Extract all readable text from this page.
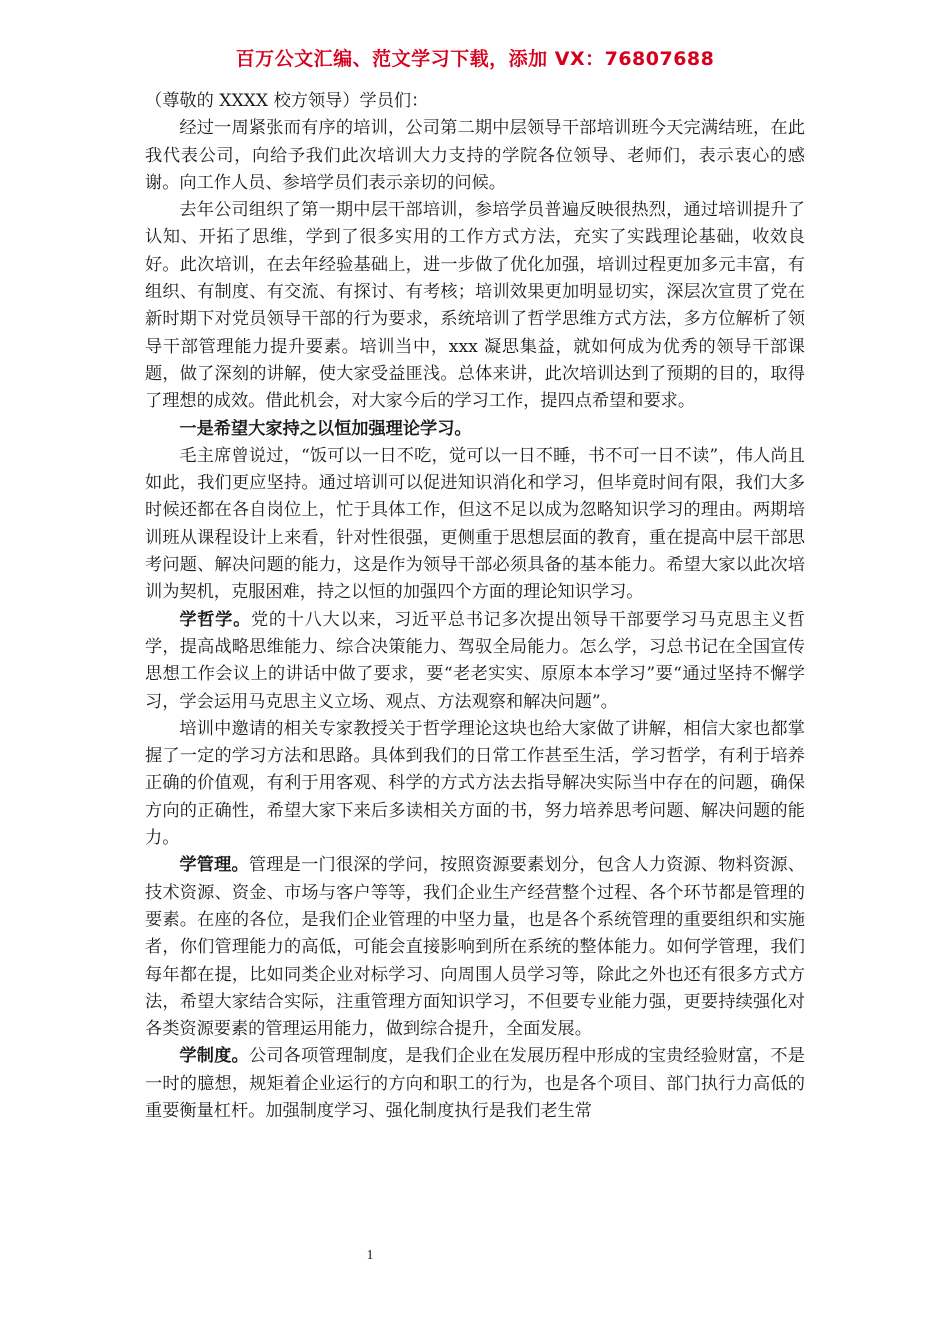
百万公文汇编、范文学习下载，添加 VX：76807688

（尊敬的 XXXX 校方领导）学员们：

经过一周紧张而有序的培训，公司第二期中层领导干部培训班今天完满结班，在此我代表公司，向给予我们此次培训大力支持的学院各位领导、老师们，表示衷心的感谢。向工作人员、参培学员们表示亲切的问候。

去年公司组织了第一期中层干部培训，参培学员普遍反映很热烈，通过培训提升了认知、开拓了思维，学到了很多实用的工作方式方法，充实了实践理论基础，收效良好。此次培训，在去年经验基础上，进一步做了优化加强，培训过程更加多元丰富，有组织、有制度、有交流、有探讨、有考核；培训效果更加明显切实，深层次宣贯了党在新时期下对党员领导干部的行为要求，系统培训了哲学思维方式方法，多方位解析了领导干部管理能力提升要素。培训当中，xxx 凝思集益，就如何成为优秀的领导干部课题，做了深刻的讲解，使大家受益匪浅。总体来讲，此次培训达到了预期的目的，取得了理想的成效。借此机会，对大家今后的学习工作，提四点希望和要求。

一是希望大家持之以恒加强理论学习。

毛主席曾说过，“饭可以一日不吃，觉可以一日不睡，书不可一日不读”，伟人尚且如此，我们更应坚持。通过培训可以促进知识消化和学习，但毕竟时间有限，我们大多时候还都在各自岗位上，忙于具体工作，但这不足以成为忽略知识学习的理由。两期培训班从课程设计上来看，针对性很强，更侧重于思想层面的教育，重在提高中层干部思考问题、解决问题的能力，这是作为领导干部必须具备的基本能力。希望大家以此次培训为契机，克服困难，持之以恒的加强四个方面的理论知识学习。

学哲学。党的十八大以来，习近平总书记多次提出领导干部要学习马克思主义哲学，提高战略思维能力、综合决策能力、驾驭全局能力。怎么学，习总书记在全国宣传思想工作会议上的讲话中做了要求，要“老老实实、原原本本学习”要“通过坚持不懈学习，学会运用马克思主义立场、观点、方法观察和解决问题”。

培训中邀请的相关专家教授关于哲学理论这块也给大家做了讲解，相信大家也都掌握了一定的学习方法和思路。具体到我们的日常工作甚至生活，学习哲学，有利于培养正确的价值观，有利于用客观、科学的方式方法去指导解决实际当中存在的问题，确保方向的正确性，希望大家下来后多读相关方面的书，努力培养思考问题、解决问题的能力。

学管理。管理是一门很深的学问，按照资源要素划分，包含人力资源、物料资源、技术资源、资金、市场与客户等等，我们企业生产经营整个过程、各个环节都是管理的要素。在座的各位，是我们企业管理的中坚力量，也是各个系统管理的重要组织和实施者，你们管理能力的高低，可能会直接影响到所在系统的整体能力。如何学管理，我们每年都在提，比如同类企业对标学习、向周围人员学习等，除此之外也还有很多方式方法，希望大家结合实际，注重管理方面知识学习，不但要专业能力强，更要持续强化对各类资源要素的管理运用能力，做到综合提升，全面发展。

学制度。公司各项管理制度，是我们企业在发展历程中形成的宝贵经验财富，不是一时的臆想，规矩着企业运行的方向和职工的行为，也是各个项目、部门执行力高低的重要衡量杠杆。加强制度学习、强化制度执行是我们老生常

1
